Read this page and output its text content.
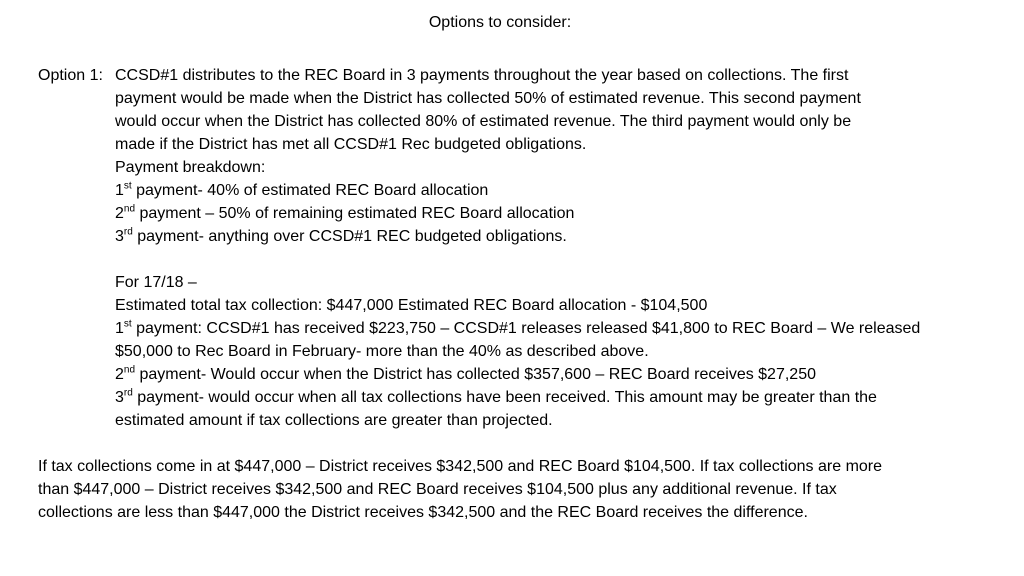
Options to consider:
Option 1: CCSD#1 distributes to the REC Board in 3 payments throughout the year based on collections. The first
payment would be made when the District has collected 50% of estimated revenue. This second payment
would occur when the District has collected 80% of estimated revenue. The third payment would only be
made if the District has met all CCSD#1 Rec budgeted obligations.
Payment breakdown:
1st payment- 40% of estimated REC Board allocation
2nd payment – 50% of remaining estimated REC Board allocation
3rd payment- anything over CCSD#1 REC budgeted obligations.
For 17/18 –
Estimated total tax collection: $447,000 Estimated REC Board allocation - $104,500
1st payment: CCSD#1 has received $223,750 – CCSD#1 releases released $41,800 to REC Board – We released
$50,000 to Rec Board in February- more than the 40% as described above.
2nd payment- Would occur when the District has collected $357,600 – REC Board receives $27,250
3rd payment- would occur when all tax collections have been received. This amount may be greater than the
estimated amount if tax collections are greater than projected.
If tax collections come in at $447,000 – District receives $342,500 and REC Board $104,500. If tax collections are more
than $447,000 – District receives $342,500 and REC Board receives $104,500 plus any additional revenue. If tax
collections are less than $447,000 the District receives $342,500 and the REC Board receives the difference.
